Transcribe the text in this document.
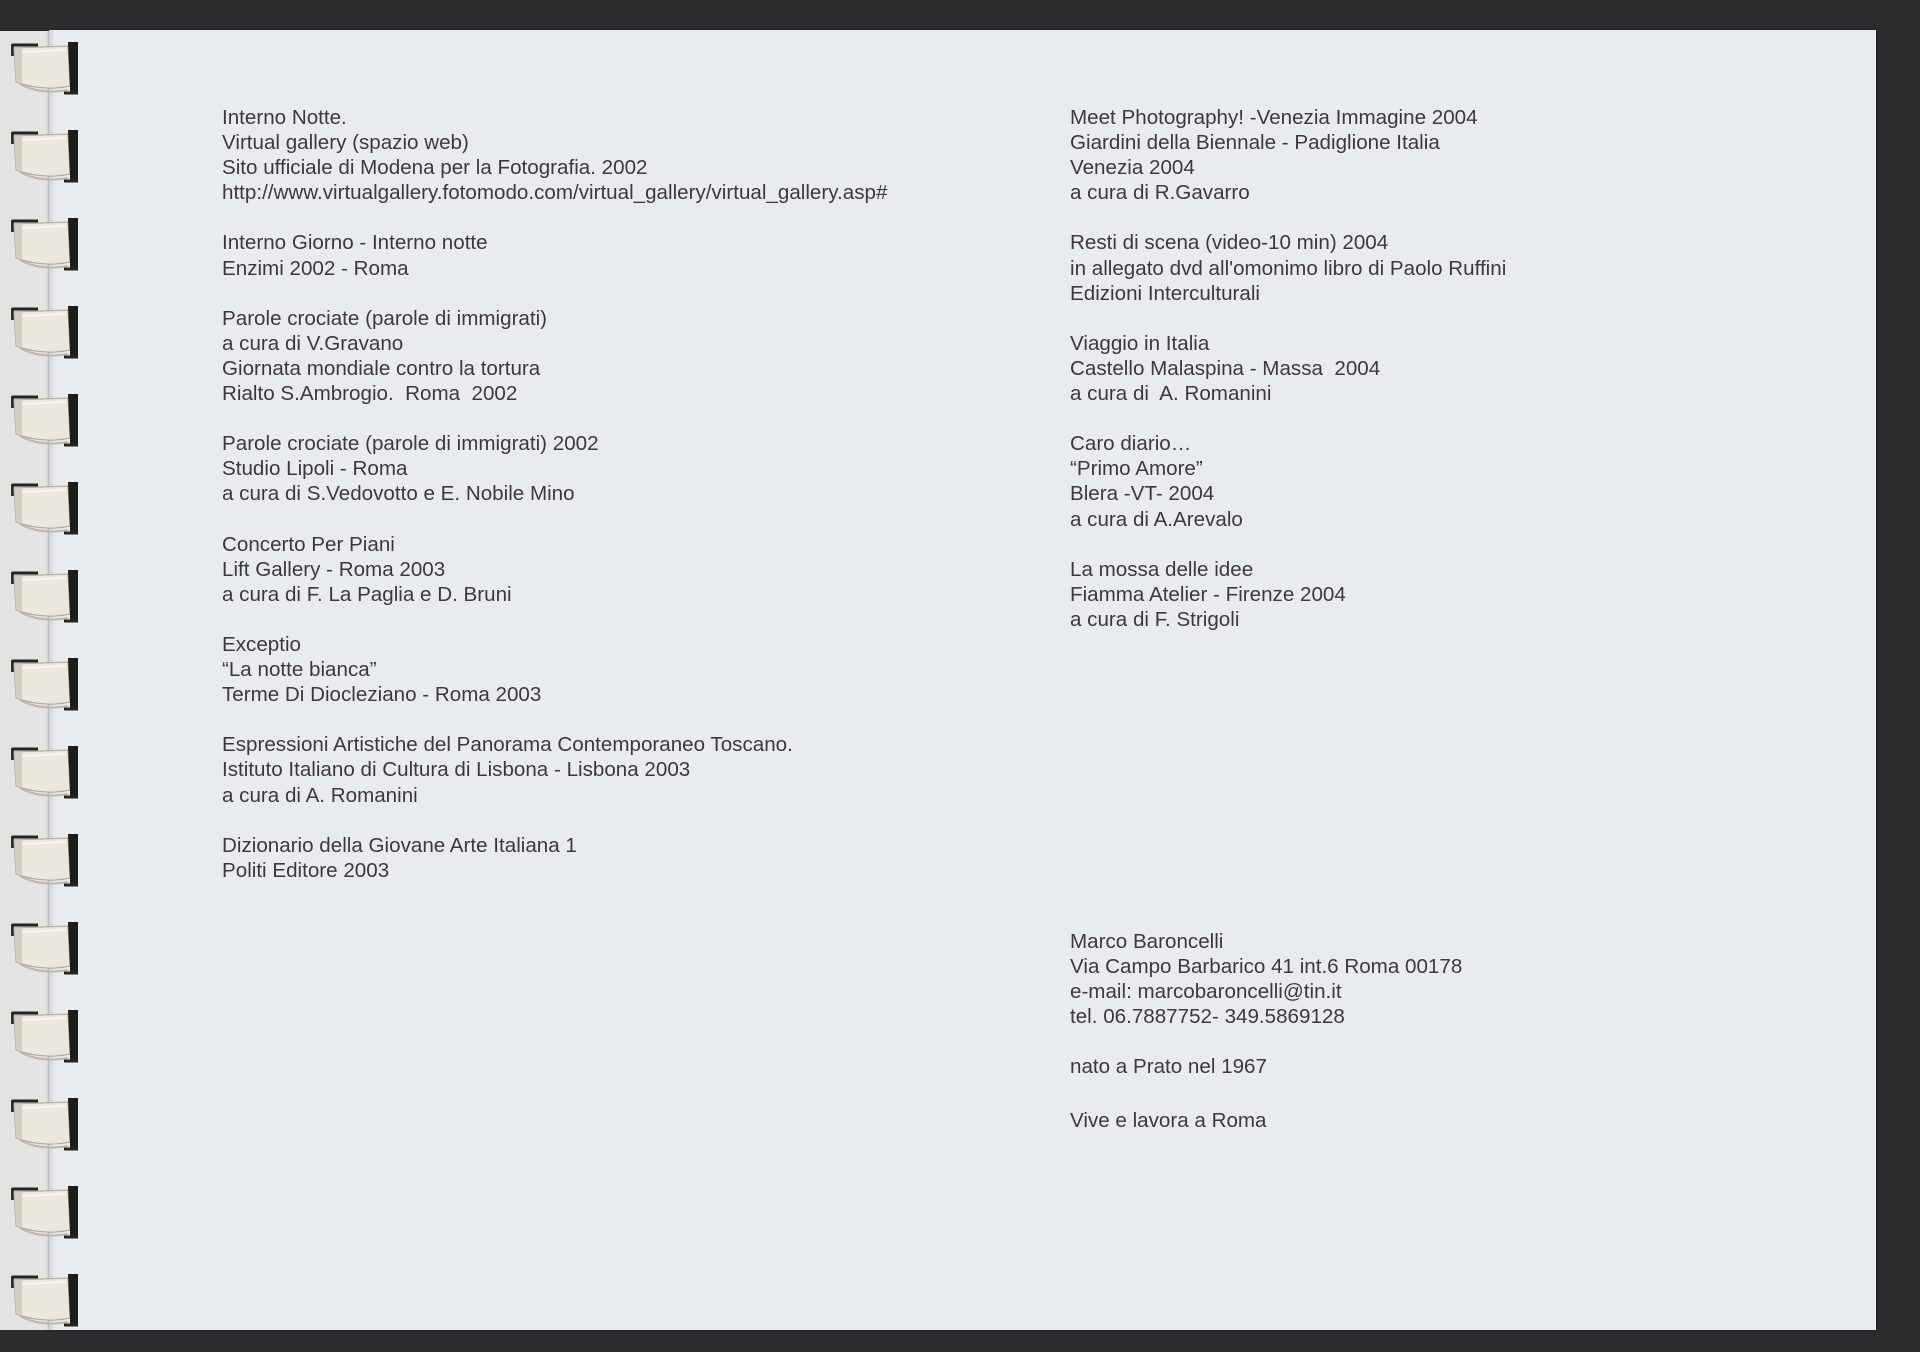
Interno Notte.
Virtual gallery (spazio web)
Sito ufficiale di Modena per la Fotografia. 2002
http://www.virtualgallery.fotomodo.com/virtual_gallery/virtual_gallery.asp#
Interno Giorno - Interno notte
Enzimi 2002 - Roma
Parole crociate (parole di immigrati)
a cura di V.Gravano
Giornata mondiale contro la tortura
Rialto S.Ambrogio.  Roma  2002
Parole crociate (parole di immigrati) 2002
Studio Lipoli - Roma
a cura di S.Vedovotto e E. Nobile Mino
Concerto Per Piani
Lift Gallery - Roma 2003
a cura di F. La Paglia e D. Bruni
Exceptio
“La notte bianca”
Terme Di Diocleziano - Roma 2003
Espressioni Artistiche del Panorama Contemporaneo Toscano.
Istituto Italiano di Cultura di Lisbona - Lisbona 2003
a cura di A. Romanini
Dizionario della Giovane Arte Italiana 1
Politi Editore 2003
Meet Photography! -Venezia Immagine 2004
Giardini della Biennale - Padiglione Italia
Venezia 2004
a cura di R.Gavarro
Resti di scena (video-10 min) 2004
in allegato dvd all'omonimo libro di Paolo Ruffini
Edizioni Interculturali
Viaggio in Italia
Castello Malaspina - Massa  2004
a cura di  A. Romanini
Caro diario…
“Primo Amore”
Blera -VT- 2004
a cura di A.Arevalo
La mossa delle idee
Fiamma Atelier - Firenze 2004
a cura di F. Strigoli
Marco Baroncelli
Via Campo Barbarico 41 int.6 Roma 00178
e-mail: marcobaroncelli@tin.it
tel. 06.7887752- 349.5869128
nato a Prato nel 1967
Vive e lavora a Roma
